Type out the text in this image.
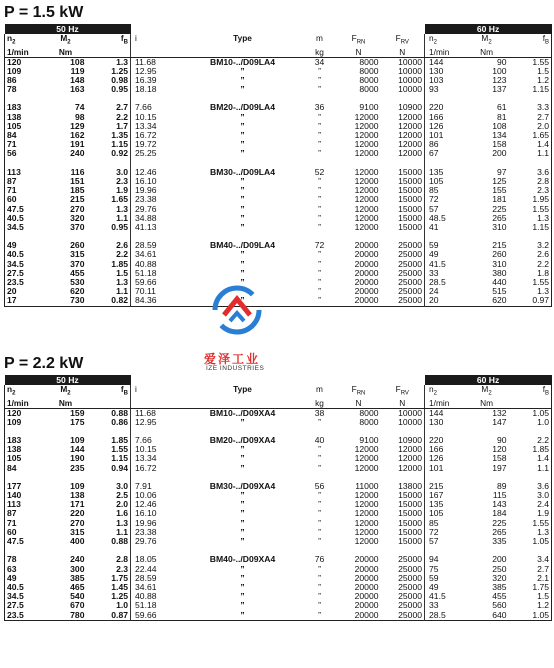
P = 1.5 kW
50 Hz								60 Hz		
$n_2$	$M_2$	$f_B$	i	Type	m	$F_{RN}$	$F_{RV}$	$n_2$	$M_2$	$f_B$
1/min	Nm				kg	N	N	1/min	Nm	
120	108	1.3	11.68	BM10-../D09LA4	34	8000	10000	144	90	1.55
109	119	1.25	12.95	”	”	8000	10000	130	100	1.5
86	148	0.98	16.39	”	”	8000	10000	103	123	1.2
78	163	0.95	18.18	”	”	8000	10000	93	137	1.15

183	74	2.7	7.66	BM20-../D09LA4	36	9100	10900	220	61	3.3
138	98	2.2	10.15	”	”	12000	12000	166	81	2.7
105	129	1.7	13.34	”	”	12000	12000	126	108	2.0
84	162	1.35	16.72	”	”	12000	12000	101	134	1.65
71	191	1.15	19.72	”	”	12000	12000	86	158	1.4
56	240	0.92	25.25	”	”	12000	12000	67	200	1.1

113	116	3.0	12.46	BM30-../D09LA4	52	12000	15000	135	97	3.6
87	151	2.3	16.10	”	”	12000	15000	105	125	2.8
71	185	1.9	19.96	”	”	12000	15000	85	155	2.3
60	215	1.65	23.38	”	”	12000	15000	72	181	1.95
47.5	270	1.3	29.76	”	”	12000	15000	57	225	1.55
40.5	320	1.1	34.88	”	”	12000	15000	48.5	265	1.3
34.5	370	0.95	41.13	”	”	12000	15000	41	310	1.15

49	260	2.6	28.59	BM40-../D09LA4	72	20000	25000	59	215	3.2
40.5	315	2.2	34.61	”	”	20000	25000	49	260	2.6
34.5	370	1.85	40.88	”	”	20000	25000	41.5	310	2.2
27.5	455	1.5	51.18	”	”	20000	25000	33	380	1.8
23.5	530	1.3	59.66	”	”	20000	25000	28.5	440	1.55
20	620	1.1	70.11	”	”	20000	25000	24	515	1.3
17	730	0.82	84.36	”	”	20000	25000	20	620	0.97

P = 2.2 kW
50 Hz								60 Hz		
$n_2$	$M_2$	$f_B$	i	Type	m	$F_{RN}$	$F_{RV}$	$n_2$	$M_2$	$f_B$
1/min	Nm				kg	N	N	1/min	Nm	
120	159	0.88	11.68	BM10-../D09XA4	38	8000	10000	144	132	1.05
109	175	0.86	12.95	”	”	8000	10000	130	147	1.0

183	109	1.85	7.66	BM20-../D09XA4	40	9100	10900	220	90	2.2
138	144	1.55	10.15	”	”	12000	12000	166	120	1.85
105	190	1.15	13.34	”	”	12000	12000	126	158	1.4
84	235	0.94	16.72	”	”	12000	12000	101	197	1.1

177	109	3.0	7.91	BM30-../D09XA4	56	11000	13800	215	89	3.6
140	138	2.5	10.06	”	”	12000	15000	167	115	3.0
113	171	2.0	12.46	”	”	12000	15000	135	143	2.4
87	220	1.6	16.10	”	”	12000	15000	105	184	1.9
71	270	1.3	19.96	”	”	12000	15000	85	225	1.55
60	315	1.1	23.38	”	”	12000	15000	72	265	1.3
47.5	400	0.88	29.76	”	”	12000	15000	57	335	1.05

78	240	2.8	18.05	BM40-../D09XA4	76	20000	25000	94	200	3.4
63	300	2.3	22.44	”	”	20000	25000	75	250	2.7
49	385	1.75	28.59	”	”	20000	25000	59	320	2.1
40.5	465	1.45	34.61	”	”	20000	25000	49	385	1.75
34.5	540	1.25	40.88	”	”	20000	25000	41.5	455	1.5
27.5	670	1.0	51.18	”	”	20000	25000	33	560	1.2
23.5	780	0.87	59.66	”	”	20000	25000	28.5	640	1.05

爱泽工业
IZE INDUSTRIES
